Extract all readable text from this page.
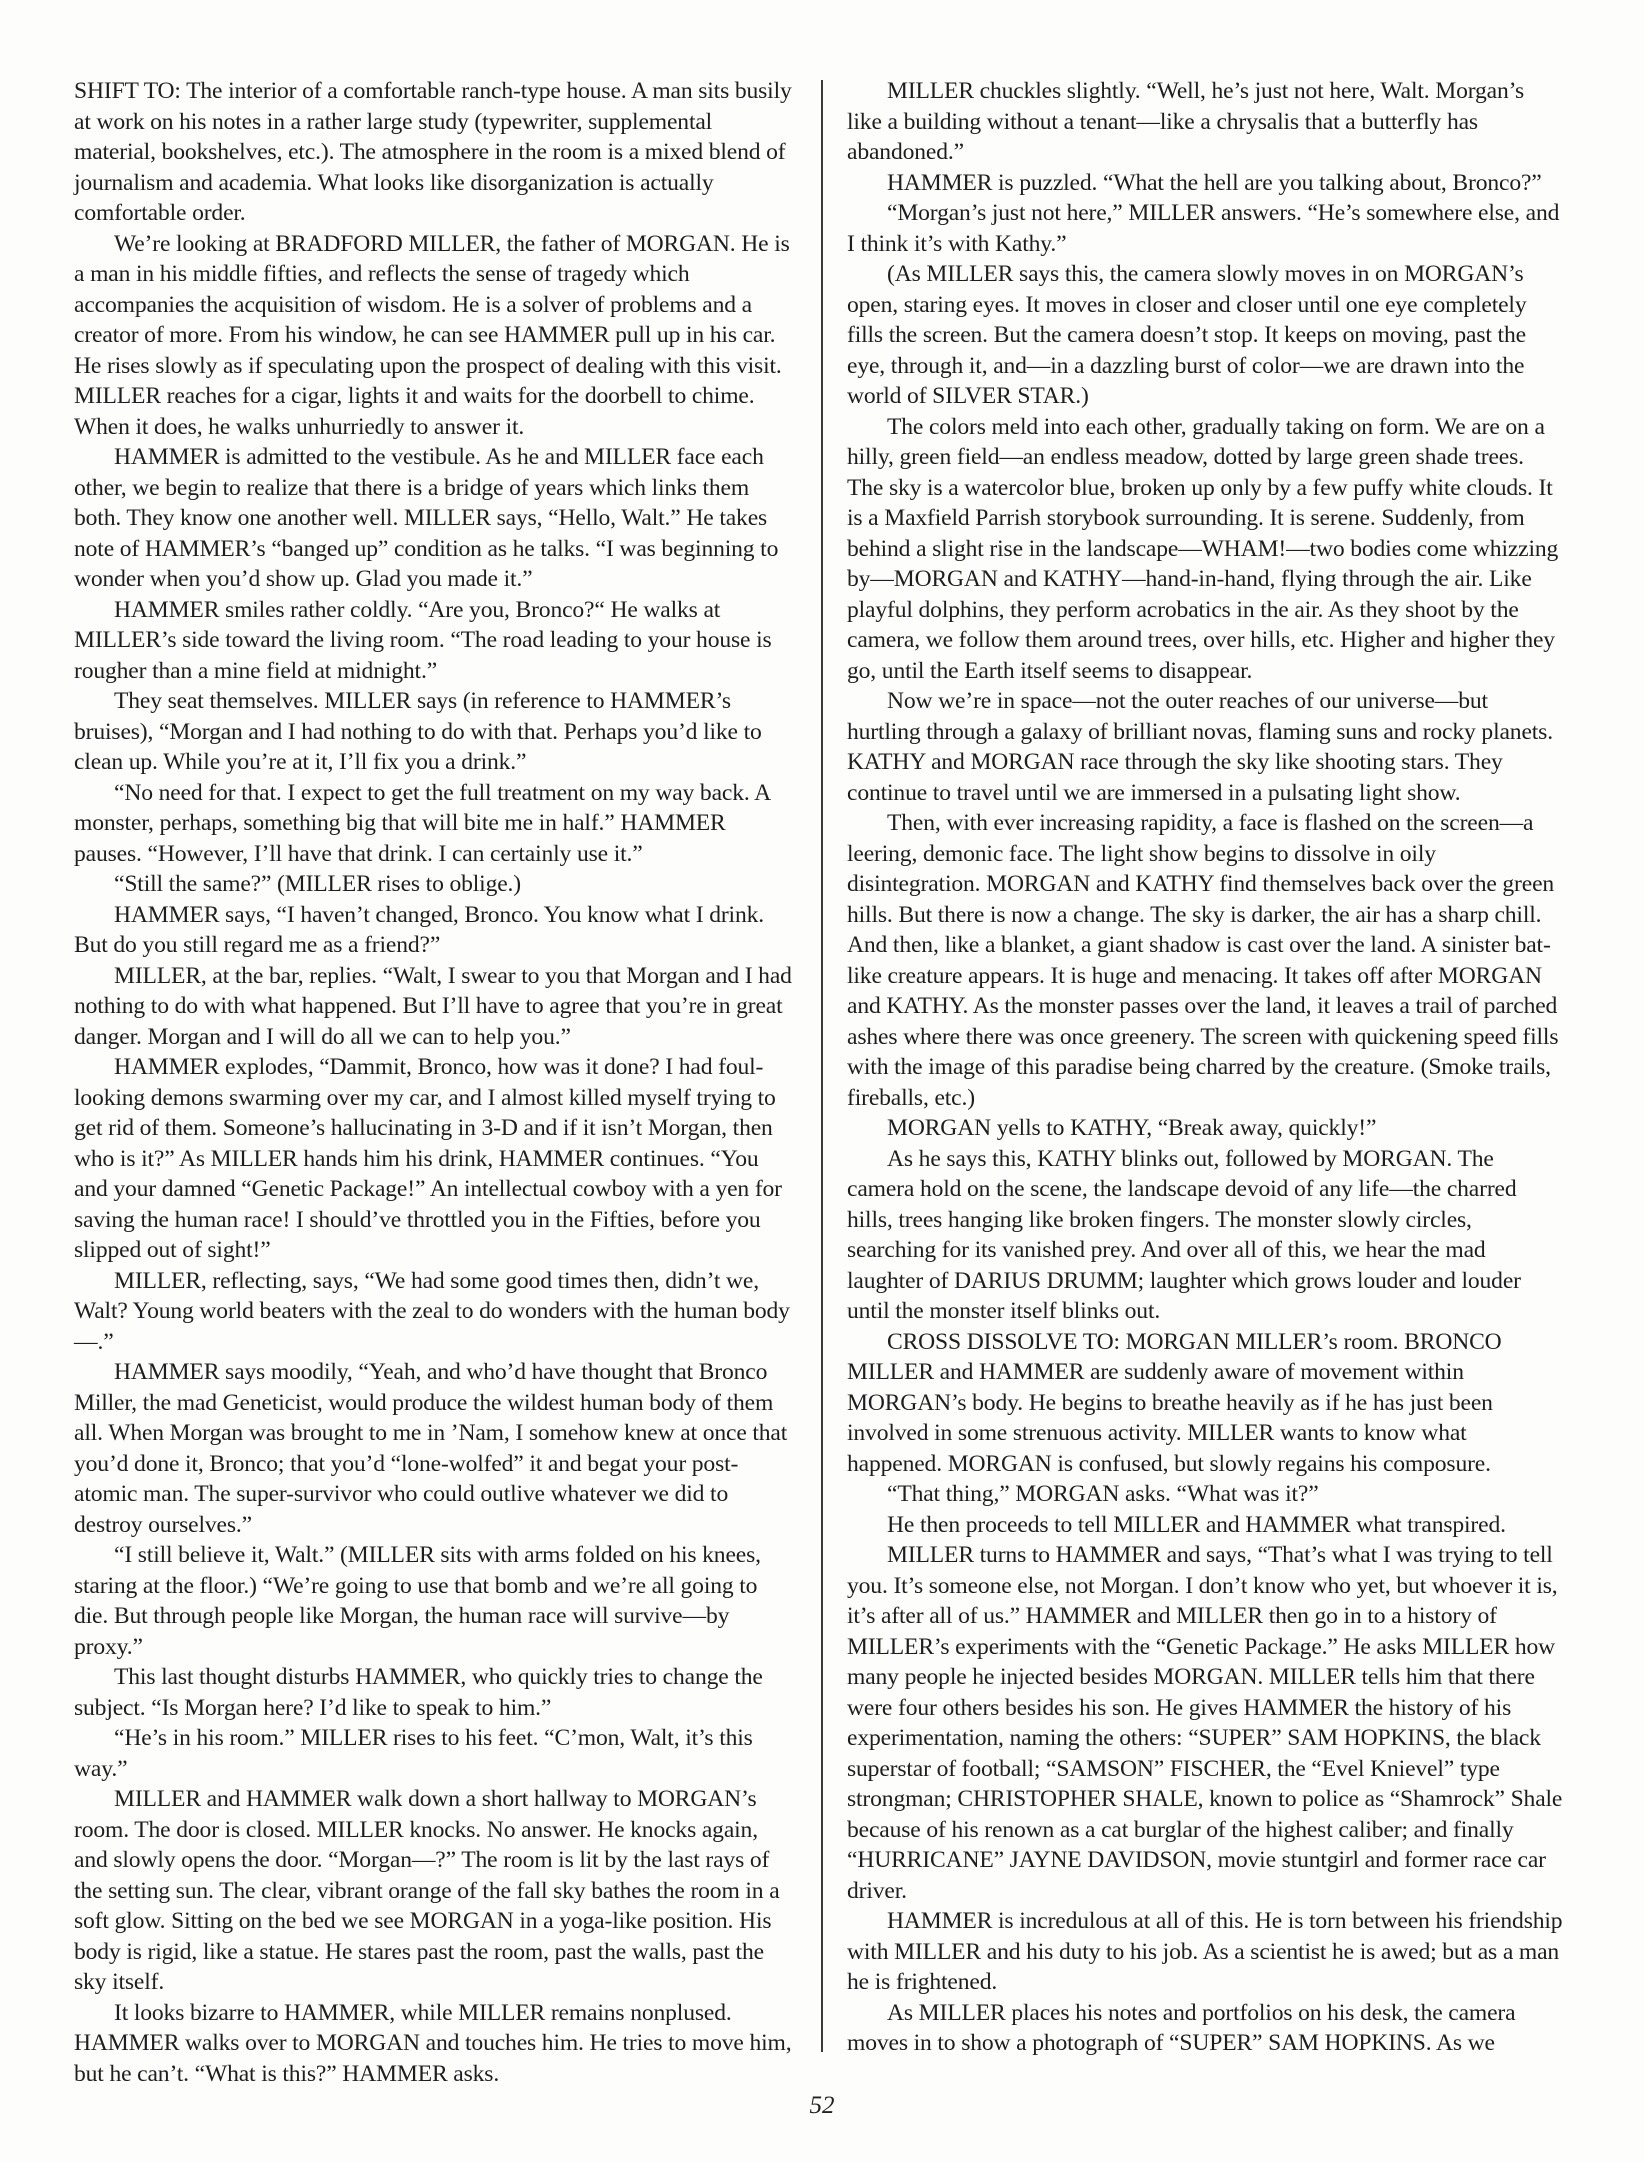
SHIFT TO: The interior of a comfortable ranch-type house. A man sits busily at work on his notes in a rather large study (typewriter, supplemental material, bookshelves, etc.). The atmosphere in the room is a mixed blend of journalism and academia. What looks like disorganization is actually comfortable order.

We’re looking at BRADFORD MILLER, the father of MORGAN. He is a man in his middle fifties, and reflects the sense of tragedy which accompanies the acquisition of wisdom. He is a solver of problems and a creator of more. From his window, he can see HAMMER pull up in his car. He rises slowly as if speculating upon the prospect of dealing with this visit. MILLER reaches for a cigar, lights it and waits for the doorbell to chime. When it does, he walks unhurriedly to answer it.

HAMMER is admitted to the vestibule. As he and MILLER face each other, we begin to realize that there is a bridge of years which links them both. They know one another well. MILLER says, “Hello, Walt.” He takes note of HAMMER’s “banged up” condition as he talks. “I was beginning to wonder when you’d show up. Glad you made it.”

HAMMER smiles rather coldly. “Are you, Bronco?“ He walks at MILLER’s side toward the living room. “The road leading to your house is rougher than a mine field at midnight.”

They seat themselves. MILLER says (in reference to HAMMER’s bruises), “Morgan and I had nothing to do with that. Perhaps you’d like to clean up. While you’re at it, I’ll fix you a drink.”

“No need for that. I expect to get the full treatment on my way back. A monster, perhaps, something big that will bite me in half.” HAMMER pauses. “However, I’ll have that drink. I can certainly use it.”

“Still the same?” (MILLER rises to oblige.)

HAMMER says, “I haven’t changed, Bronco. You know what I drink. But do you still regard me as a friend?”

MILLER, at the bar, replies. “Walt, I swear to you that Morgan and I had nothing to do with what happened. But I’ll have to agree that you’re in great danger. Morgan and I will do all we can to help you.”

HAMMER explodes, “Dammit, Bronco, how was it done? I had foul-looking demons swarming over my car, and I almost killed myself trying to get rid of them. Someone’s hallucinating in 3-D and if it isn’t Morgan, then who is it?” As MILLER hands him his drink, HAMMER continues. “You and your damned “Genetic Package!” An intellectual cowboy with a yen for saving the human race! I should’ve throttled you in the Fifties, before you slipped out of sight!”

MILLER, reflecting, says, “We had some good times then, didn’t we, Walt? Young world beaters with the zeal to do wonders with the human body—.”

HAMMER says moodily, “Yeah, and who’d have thought that Bronco Miller, the mad Geneticist, would produce the wildest human body of them all. When Morgan was brought to me in ’Nam, I somehow knew at once that you’d done it, Bronco; that you’d “lone-wolfed” it and begat your post-atomic man. The super-survivor who could outlive whatever we did to destroy ourselves.”

“I still believe it, Walt.” (MILLER sits with arms folded on his knees, staring at the floor.) “We’re going to use that bomb and we’re all going to die. But through people like Morgan, the human race will survive—by proxy.”

This last thought disturbs HAMMER, who quickly tries to change the subject. “Is Morgan here? I’d like to speak to him.”

“He’s in his room.” MILLER rises to his feet. “C’mon, Walt, it’s this way.”

MILLER and HAMMER walk down a short hallway to MORGAN’s room. The door is closed. MILLER knocks. No answer. He knocks again, and slowly opens the door. “Morgan—?” The room is lit by the last rays of the setting sun. The clear, vibrant orange of the fall sky bathes the room in a soft glow. Sitting on the bed we see MORGAN in a yoga-like position. His body is rigid, like a statue. He stares past the room, past the walls, past the sky itself.

It looks bizarre to HAMMER, while MILLER remains nonplused. HAMMER walks over to MORGAN and touches him. He tries to move him, but he can’t. “What is this?” HAMMER asks.

MILLER chuckles slightly. “Well, he’s just not here, Walt. Morgan’s like a building without a tenant—like a chrysalis that a butterfly has abandoned.”

HAMMER is puzzled. “What the hell are you talking about, Bronco?”

“Morgan’s just not here,” MILLER answers. “He’s somewhere else, and I think it’s with Kathy.”

(As MILLER says this, the camera slowly moves in on MORGAN’s open, staring eyes. It moves in closer and closer until one eye completely fills the screen. But the camera doesn’t stop. It keeps on moving, past the eye, through it, and—in a dazzling burst of color—we are drawn into the world of SILVER STAR.)

The colors meld into each other, gradually taking on form. We are on a hilly, green field—an endless meadow, dotted by large green shade trees. The sky is a watercolor blue, broken up only by a few puffy white clouds. It is a Maxfield Parrish storybook surrounding. It is serene. Suddenly, from behind a slight rise in the landscape—WHAM!—two bodies come whizzing by—MORGAN and KATHY—hand-in-hand, flying through the air. Like playful dolphins, they perform acrobatics in the air. As they shoot by the camera, we follow them around trees, over hills, etc. Higher and higher they go, until the Earth itself seems to disappear.

Now we’re in space—not the outer reaches of our universe—but hurtling through a galaxy of brilliant novas, flaming suns and rocky planets. KATHY and MORGAN race through the sky like shooting stars. They continue to travel until we are immersed in a pulsating light show.

Then, with ever increasing rapidity, a face is flashed on the screen—a leering, demonic face. The light show begins to dissolve in oily disintegration. MORGAN and KATHY find themselves back over the green hills. But there is now a change. The sky is darker, the air has a sharp chill. And then, like a blanket, a giant shadow is cast over the land. A sinister bat-like creature appears. It is huge and menacing. It takes off after MORGAN and KATHY. As the monster passes over the land, it leaves a trail of parched ashes where there was once greenery. The screen with quickening speed fills with the image of this paradise being charred by the creature. (Smoke trails, fireballs, etc.)

MORGAN yells to KATHY, “Break away, quickly!”

As he says this, KATHY blinks out, followed by MORGAN. The camera hold on the scene, the landscape devoid of any life—the charred hills, trees hanging like broken fingers. The monster slowly circles, searching for its vanished prey. And over all of this, we hear the mad laughter of DARIUS DRUMM; laughter which grows louder and louder until the monster itself blinks out.

CROSS DISSOLVE TO: MORGAN MILLER’s room. BRONCO MILLER and HAMMER are suddenly aware of movement within MORGAN’s body. He begins to breathe heavily as if he has just been involved in some strenuous activity. MILLER wants to know what happened. MORGAN is confused, but slowly regains his composure.

“That thing,” MORGAN asks. “What was it?”

He then proceeds to tell MILLER and HAMMER what transpired.

MILLER turns to HAMMER and says, “That’s what I was trying to tell you. It’s someone else, not Morgan. I don’t know who yet, but whoever it is, it’s after all of us.” HAMMER and MILLER then go in to a history of MILLER’s experiments with the “Genetic Package.” He asks MILLER how many people he injected besides MORGAN. MILLER tells him that there were four others besides his son. He gives HAMMER the history of his experimentation, naming the others: “SUPER” SAM HOPKINS, the black superstar of football; “SAMSON” FISCHER, the “Evel Knievel” type strongman; CHRISTOPHER SHALE, known to police as “Shamrock” Shale because of his renown as a cat burglar of the highest caliber; and finally “HURRICANE” JAYNE DAVIDSON, movie stuntgirl and former race car driver.

HAMMER is incredulous at all of this. He is torn between his friendship with MILLER and his duty to his job. As a scientist he is awed; but as a man he is frightened.

As MILLER places his notes and portfolios on his desk, the camera moves in to show a photograph of “SUPER” SAM HOPKINS. As we

52
